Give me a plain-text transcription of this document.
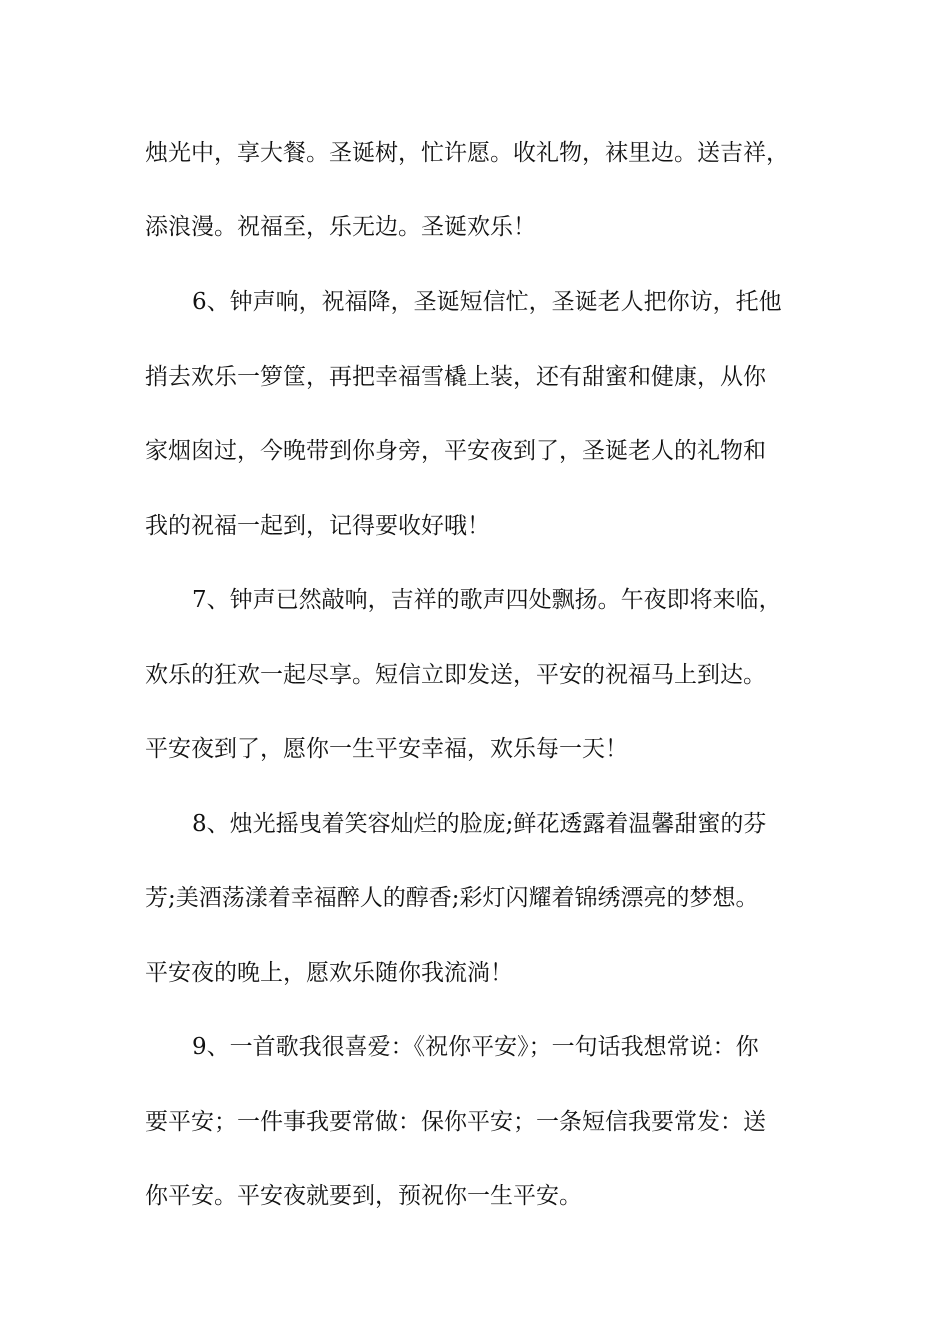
烛光中，享大餐。圣诞树，忙许愿。收礼物，袜里边。送吉祥，
添浪漫。祝福至，乐无边。圣诞欢乐！
6、钟声响，祝福降，圣诞短信忙，圣诞老人把你访，托他
捎去欢乐一箩筐，再把幸福雪橇上装，还有甜蜜和健康，从你
家烟囱过，今晚带到你身旁，平安夜到了，圣诞老人的礼物和
我的祝福一起到，记得要收好哦！
7、钟声已然敲响，吉祥的歌声四处飘扬。午夜即将来临，
欢乐的狂欢一起尽享。短信立即发送，平安的祝福马上到达。
平安夜到了，愿你一生平安幸福，欢乐每一天！
8、烛光摇曳着笑容灿烂的脸庞;鲜花透露着温馨甜蜜的芬
芳;美酒荡漾着幸福醉人的醇香;彩灯闪耀着锦绣漂亮的梦想。
平安夜的晚上，愿欢乐随你我流淌！
9、一首歌我很喜爱：《祝你平安》；一句话我想常说：你
要平安；一件事我要常做：保你平安；一条短信我要常发：送
你平安。平安夜就要到，预祝你一生平安。
